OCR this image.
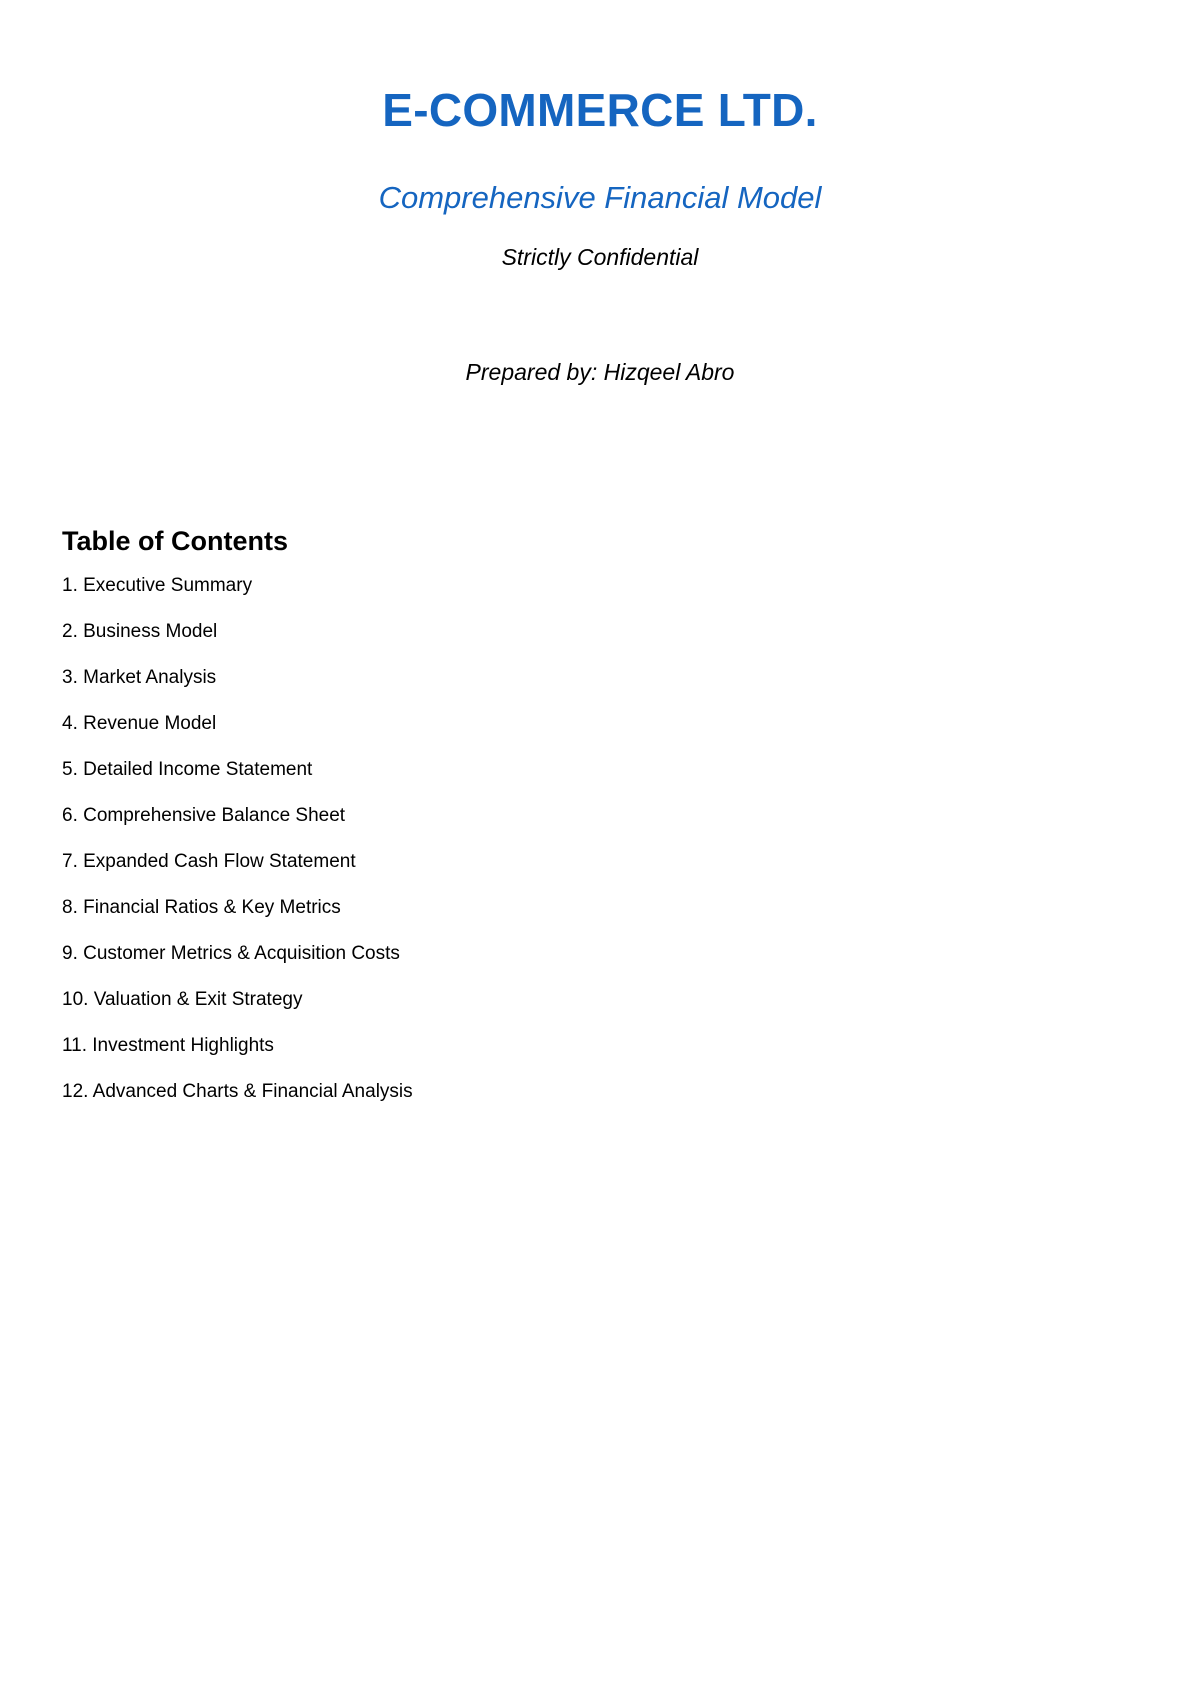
E-COMMERCE LTD.
Comprehensive Financial Model
Strictly Confidential
Prepared by: Hizqeel Abro
Table of Contents
1. Executive Summary
2. Business Model
3. Market Analysis
4. Revenue Model
5. Detailed Income Statement
6. Comprehensive Balance Sheet
7. Expanded Cash Flow Statement
8. Financial Ratios & Key Metrics
9. Customer Metrics & Acquisition Costs
10. Valuation & Exit Strategy
11. Investment Highlights
12. Advanced Charts & Financial Analysis
